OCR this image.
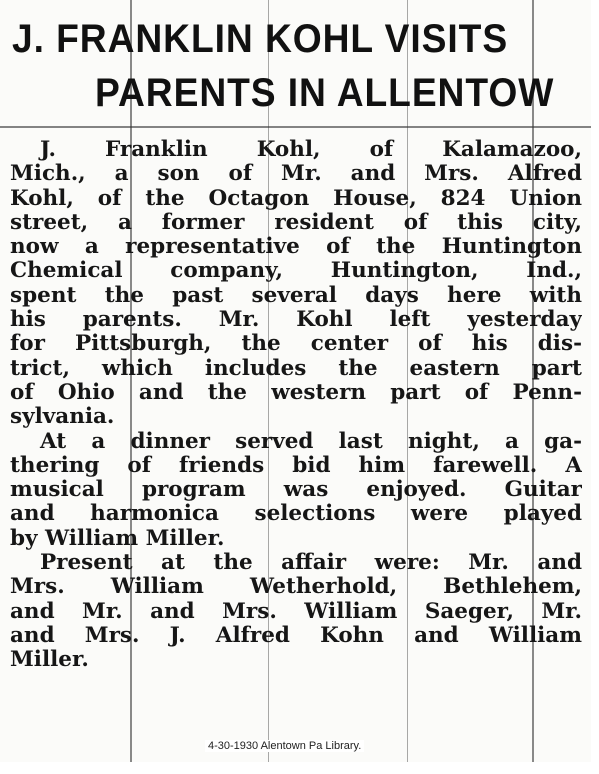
J. FRANKLIN KOHL VISITS
PARENTS IN ALLENTOW
J. Franklin Kohl, of Kalamazoo,
Mich., a son of Mr. and Mrs. Alfred
Kohl, of the Octagon House, 824 Union
street, a former resident of this city,
now a representative of the Huntington
Chemical company, Huntington, Ind.,
spent the past several days here with
his parents. Mr. Kohl left yesterday
for Pittsburgh, the center of his dis-
trict, which includes the eastern part
of Ohio and the western part of Penn-
sylvania.
At a dinner served last night, a ga-
thering of friends bid him farewell. A
musical program was enjoyed. Guitar
and harmonica selections were played
by William Miller.
Present at the affair were: Mr. and
Mrs. William Wetherhold, Bethlehem,
and Mr. and Mrs. William Saeger, Mr.
and Mrs. J. Alfred Kohn and William
Miller.
4-30-1930 Alentown Pa Library.
